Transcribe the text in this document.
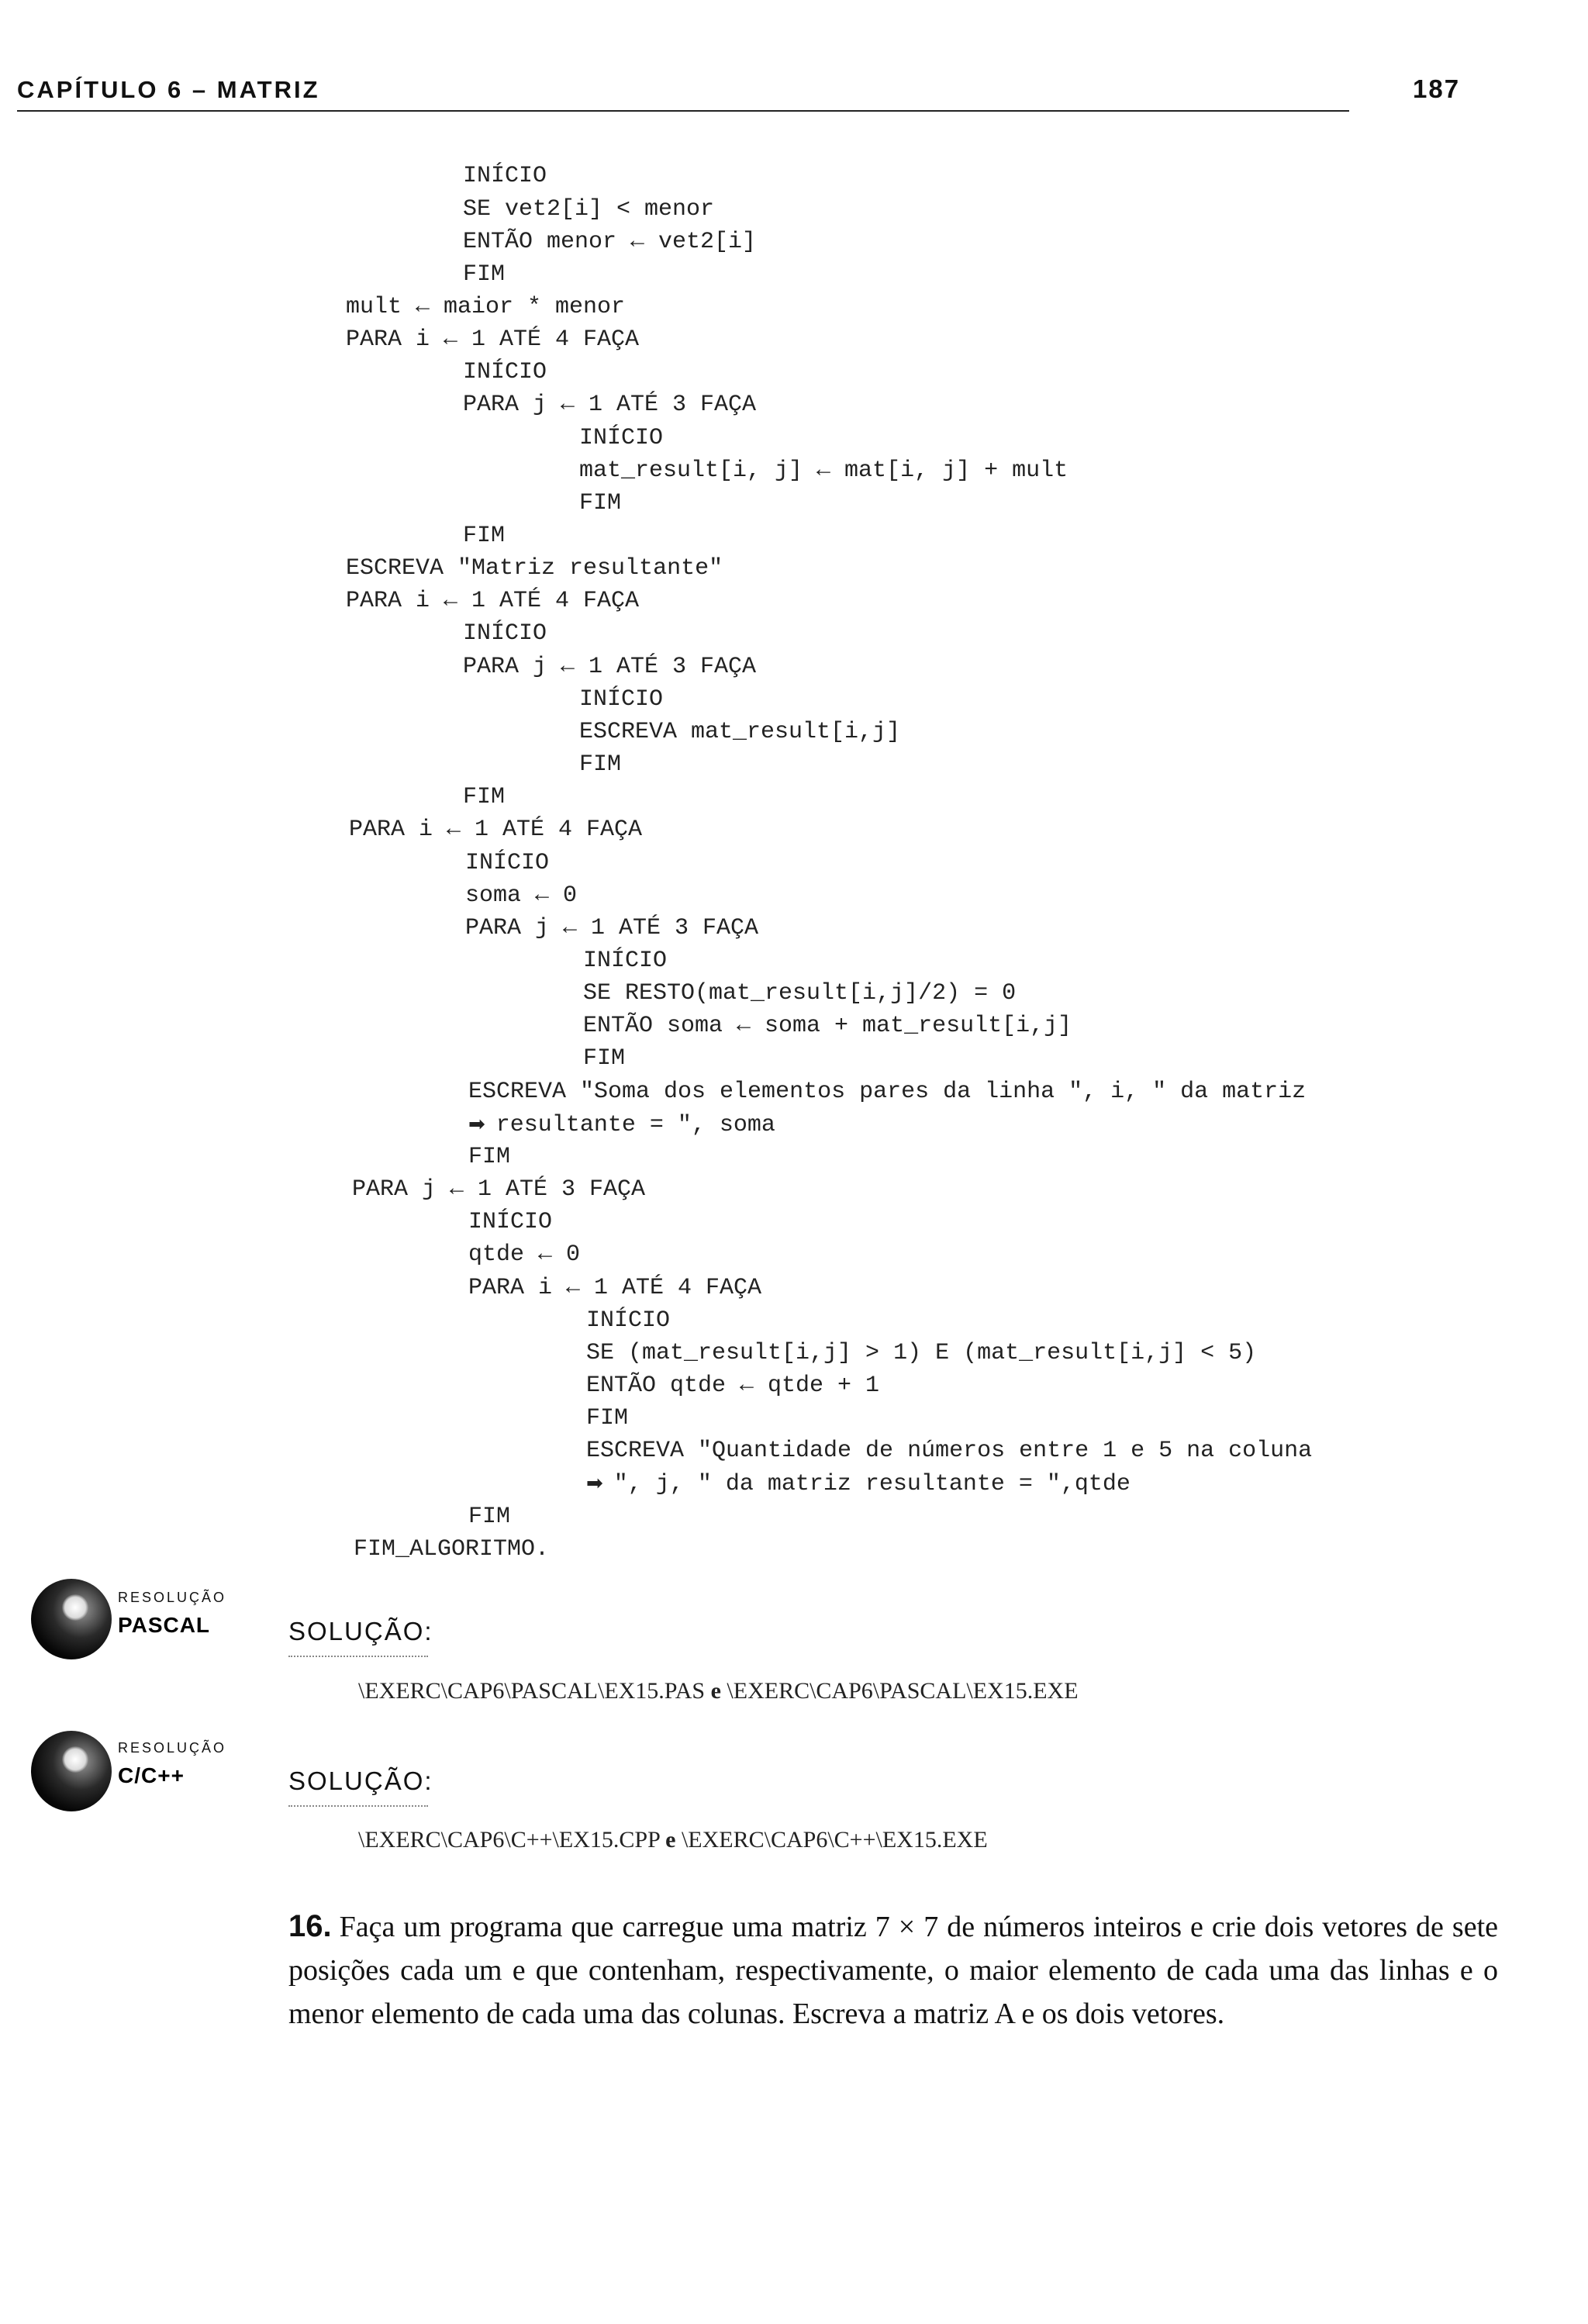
CAPÍTULO 6 – MATRIZ	187
INÍCIO
SE vet2[i] < menor
ENTÃO menor ← vet2[i]
FIM
mult ← maior * menor
PARA i ← 1 ATÉ 4 FAÇA
INÍCIO
PARA j ← 1 ATÉ 3 FAÇA
INÍCIO
mat_result[i, j] ← mat[i, j] + mult
FIM
FIM
ESCREVA "Matriz resultante"
PARA i ← 1 ATÉ 4 FAÇA
INÍCIO
PARA j ← 1 ATÉ 3 FAÇA
INÍCIO
ESCREVA mat_result[i,j]
FIM
FIM
PARA i ← 1 ATÉ 4 FAÇA
INÍCIO
soma ← 0
PARA j ← 1 ATÉ 3 FAÇA
INÍCIO
SE RESTO(mat_result[i,j]/2) = 0
ENTÃO soma ← soma + mat_result[i,j]
FIM
ESCREVA "Soma dos elementos pares da linha ", i, " da matriz
➡ resultante = ", soma
FIM
PARA j ← 1 ATÉ 3 FAÇA
INÍCIO
qtde ← 0
PARA i ← 1 ATÉ 4 FAÇA
INÍCIO
SE (mat_result[i,j] > 1) E (mat_result[i,j] < 5)
ENTÃO qtde ← qtde + 1
FIM
ESCREVA "Quantidade de números entre 1 e 5 na coluna
➡ ", j, " da matriz resultante = ",qtde
FIM
FIM_ALGORITMO.
RESOLUÇÃO
PASCAL	SOLUÇÃO:
\EXERC\CAP6\PASCAL\EX15.PAS e \EXERC\CAP6\PASCAL\EX15.EXE
RESOLUÇÃO
C/C++	SOLUÇÃO:
\EXERC\CAP6\C++\EX15.CPP e \EXERC\CAP6\C++\EX15.EXE
16. Faça um programa que carregue uma matriz 7 × 7 de números inteiros e crie dois vetores de sete posições cada um e que contenham, respectivamente, o maior elemento de cada uma das linhas e o menor elemento de cada uma das colunas. Escreva a matriz A e os dois vetores.
